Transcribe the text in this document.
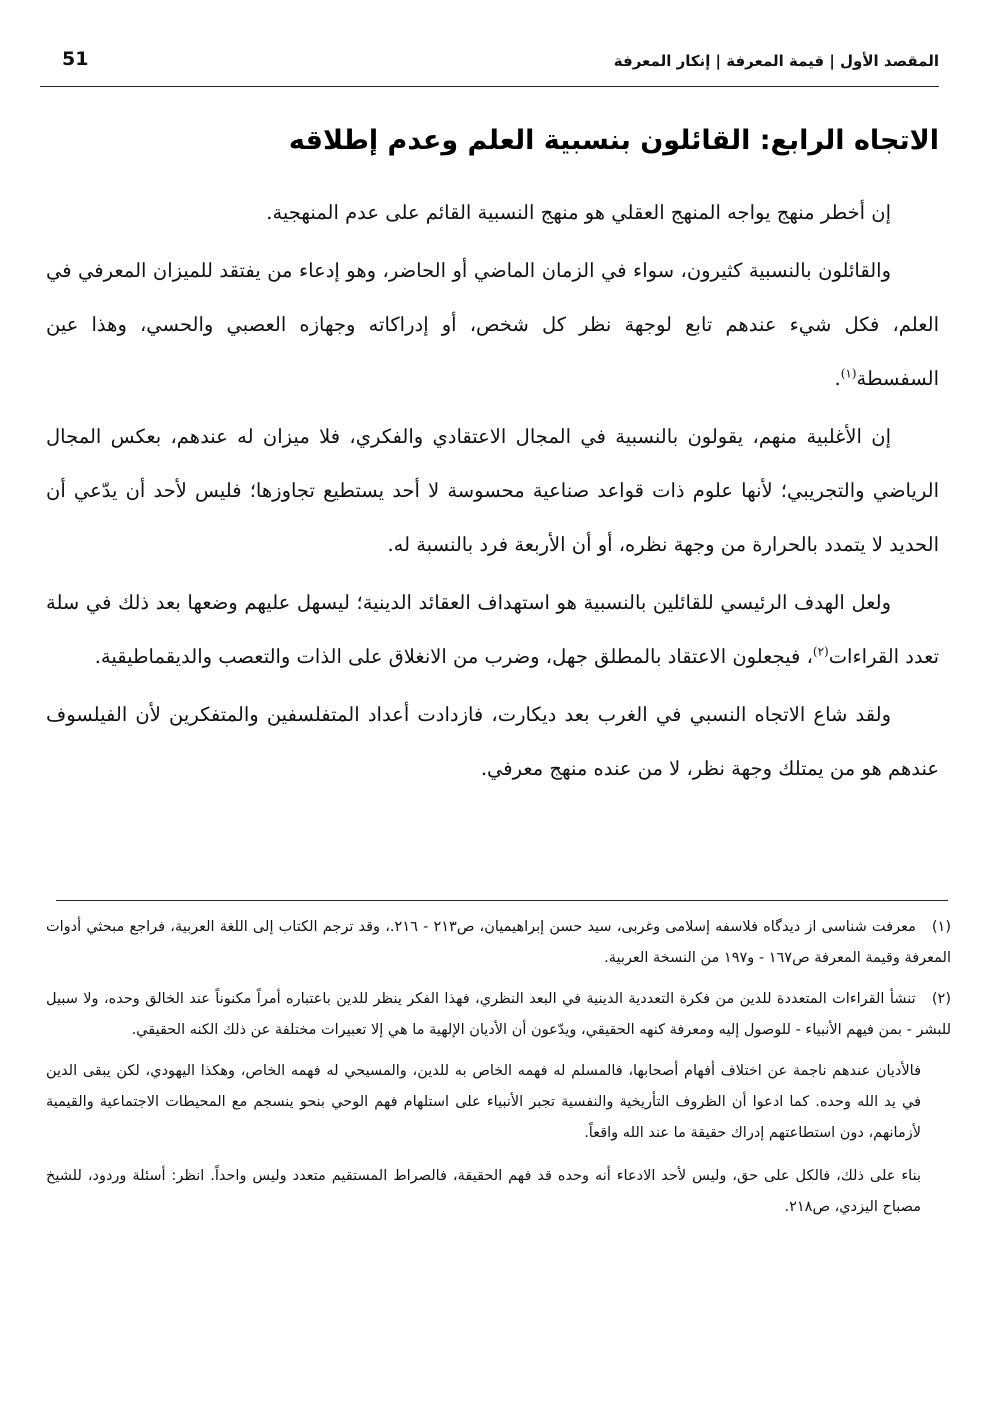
51	المقصد الأول | قيمة المعرفة | إنكار المعرفة
الاتجاه الرابع: القائلون بنسبية العلم وعدم إطلاقه

إن أخطر منهج يواجه المنهج العقلي هو منهج النسبية القائم على عدم المنهجية.

والقائلون بالنسبية كثيرون، سواء في الزمان الماضي أو الحاضر، وهو إدعاء من يفتقد للميزان المعرفي في العلم، فكل شيء عندهم تابع لوجهة نظر كل شخص، أو إدراكاته وجهازه العصبي والحسي، وهذا عين السفسطة$^{(١)}$.

إن الأغلبية منهم، يقولون بالنسبية في المجال الاعتقادي والفكري، فلا ميزان له عندهم، بعكس المجال الرياضي والتجريبي؛ لأنها علوم ذات قواعد صناعية محسوسة لا أحد يستطيع تجاوزها؛ فليس لأحد أن يدّعي أن الحديد لا يتمدد بالحرارة من وجهة نظره، أو أن الأربعة فرد بالنسبة له.

ولعل الهدف الرئيسي للقائلين بالنسبية هو استهداف العقائد الدينية؛ ليسهل عليهم وضعها بعد ذلك في سلة تعدد القراءات$^{(٢)}$، فيجعلون الاعتقاد بالمطلق جهل، وضرب من الانغلاق على الذات والتعصب والديقماطيقية.

ولقد شاع الاتجاه النسبي في الغرب بعد ديكارت، فازدادت أعداد المتفلسفين والمتفكرين لأن الفيلسوف عندهم هو من يمتلك وجهة نظر، لا من عنده منهج معرفي.

(١) معرفت شناسى از ديدگاه فلاسفه إسلامى وغربى، سيد حسن إبراهيميان، ص٢١٣ - ٢١٦.، وقد ترجم الكتاب إلى اللغة العربية، فراجع مبحثي أدوات المعرفة وقيمة المعرفة ص١٦٧ - و١٩٧ من النسخة العربية.
(٢) تنشأ القراءات المتعددة للدين من فكرة التعددية الدينية في البعد النظري، فهذا الفكر ينظر للدين باعتباره أمراً مكنوناً عند الخالق وحده، ولا سبيل للبشر - بمن فيهم الأنبياء - للوصول إليه ومعرفة كنهه الحقيقي، ويدّعون أن الأديان الإلهية ما هي إلا تعبيرات مختلفة عن ذلك الكنه الحقيقي.
فالأديان عندهم ناجمة عن اختلاف أفهام أصحابها، فالمسلم له فهمه الخاص به للدين، والمسيحي له فهمه الخاص، وهكذا اليهودي، لكن يبقى الدين في يد الله وحده. كما ادعوا أن الظروف التأريخية والنفسية تجبر الأنبياء على استلهام فهم الوحي بنحو ينسجم مع المحيطات الاجتماعية والقيمية لأزمانهم، دون استطاعتهم إدراك حقيقة ما عند الله واقعاً.
بناء على ذلك، فالكل على حق، وليس لأحد الادعاء أنه وحده قد فهم الحقيقة، فالصراط المستقيم متعدد وليس واحداً. انظر: أسئلة وردود، للشيخ مصباح اليزدي، ص٢١٨.
